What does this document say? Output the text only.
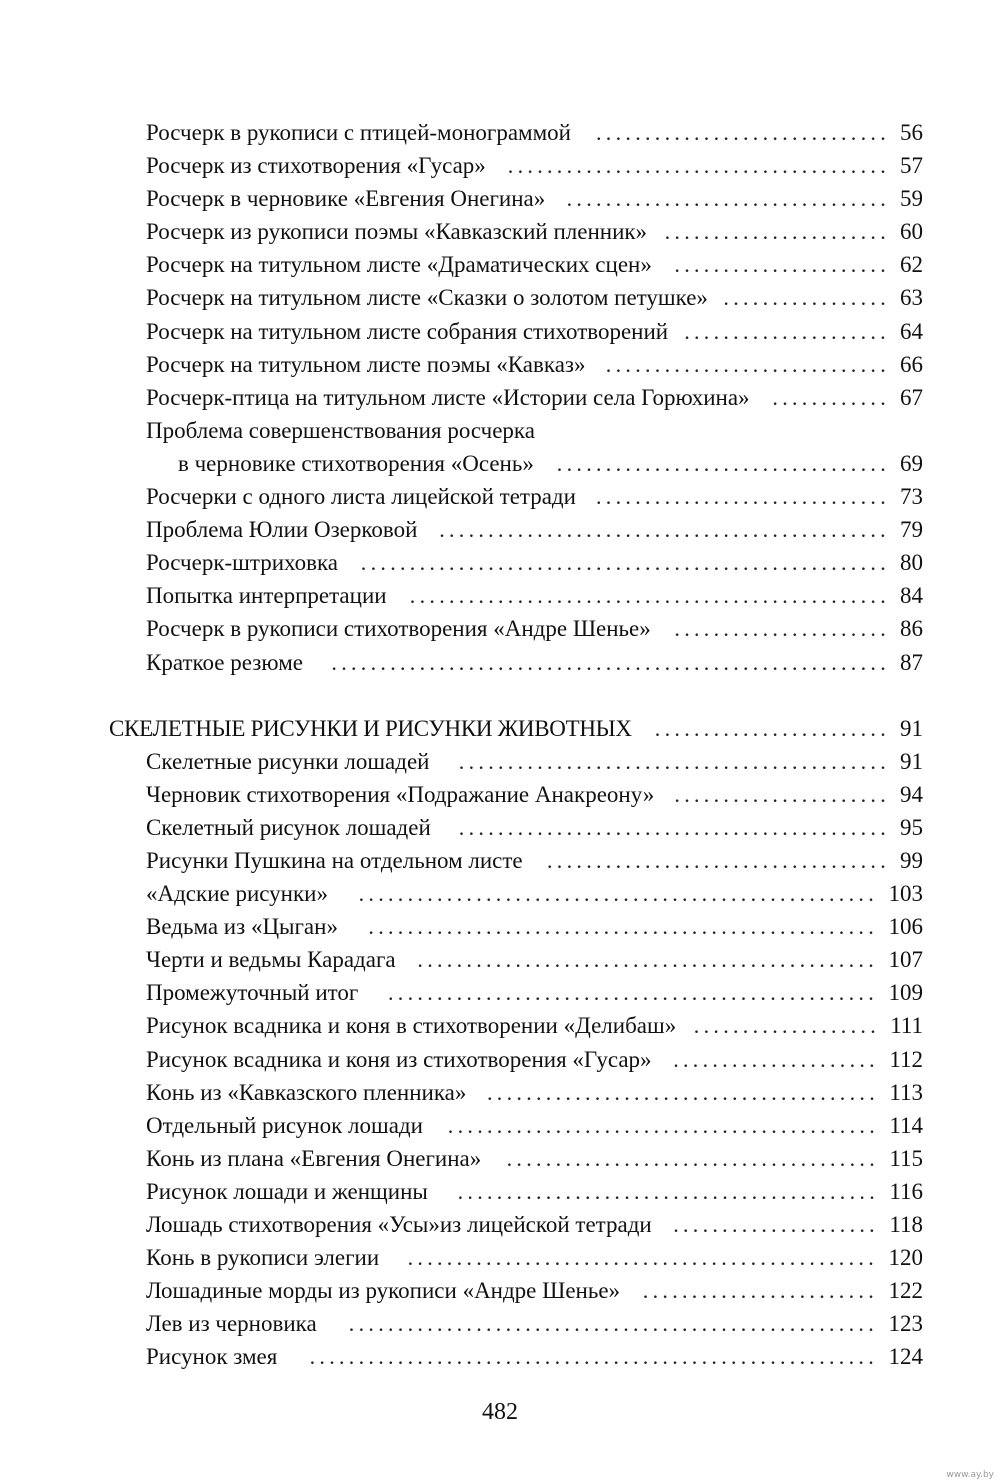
Росчерк в рукописи с птицей-монограммой .............................. 56
Росчерк из стихотворения «Гусар» ....................................... 57
Росчерк в черновике «Евгения Онегина» ................................. 59
Росчерк из рукописи поэмы «Кавказский пленник» ....................... 60
Росчерк на титульном листе «Драматических сцен» ...................... 62
Росчерк на титульном листе «Сказки о золотом петушке» ................. 63
Росчерк на титульном листе собрания стихотворений ..................... 64
Росчерк на титульном листе поэмы «Кавказ» ............................. 66
Росчерк-птица на титульном листе «Истории села Горюхина» ............ 67
Проблема совершенствования росчерка
в черновике стихотворения «Осень» .................................. 69
Росчерки с одного листа лицейской тетради .............................. 73
Проблема Юлии Озерковой .............................................. 79
Росчерк-штриховка ...................................................... 80
Попытка интерпретации ................................................. 84
Росчерк в рукописи стихотворения «Андре Шенье» ...................... 86
Краткое резюме ......................................................... 87
СКЕЛЕТНЫЕ РИСУНКИ И РИСУНКИ ЖИВОТНЫХ ........................ 91
Скелетные рисунки лошадей ............................................ 91
Черновик стихотворения «Подражание Анакреону» ...................... 94
Скелетный рисунок лошадей ............................................ 95
Рисунки Пушкина на отдельном листе ................................... 99
«Адские рисунки» ..................................................... 103
Ведьма из «Цыган» .................................................... 106
Черти и ведьмы Карадага ............................................... 107
Промежуточный итог .................................................. 109
Рисунок всадника и коня в стихотворении «Делибаш» ................... 111
Рисунок всадника и коня из стихотворения «Гусар» ..................... 112
Конь из «Кавказского пленника» ........................................ 113
Отдельный рисунок лошади ............................................ 114
Конь из плана «Евгения Онегина» ...................................... 115
Рисунок лошади и женщины ........................................... 116
Лошадь стихотворения «Усы»из лицейской тетради ..................... 118
Конь в рукописи элегии ................................................ 120
Лошадиные морды из рукописи «Андре Шенье» ........................ 122
Лев из черновика ...................................................... 123
Рисунок змея .......................................................... 124
482
www.ay.by
